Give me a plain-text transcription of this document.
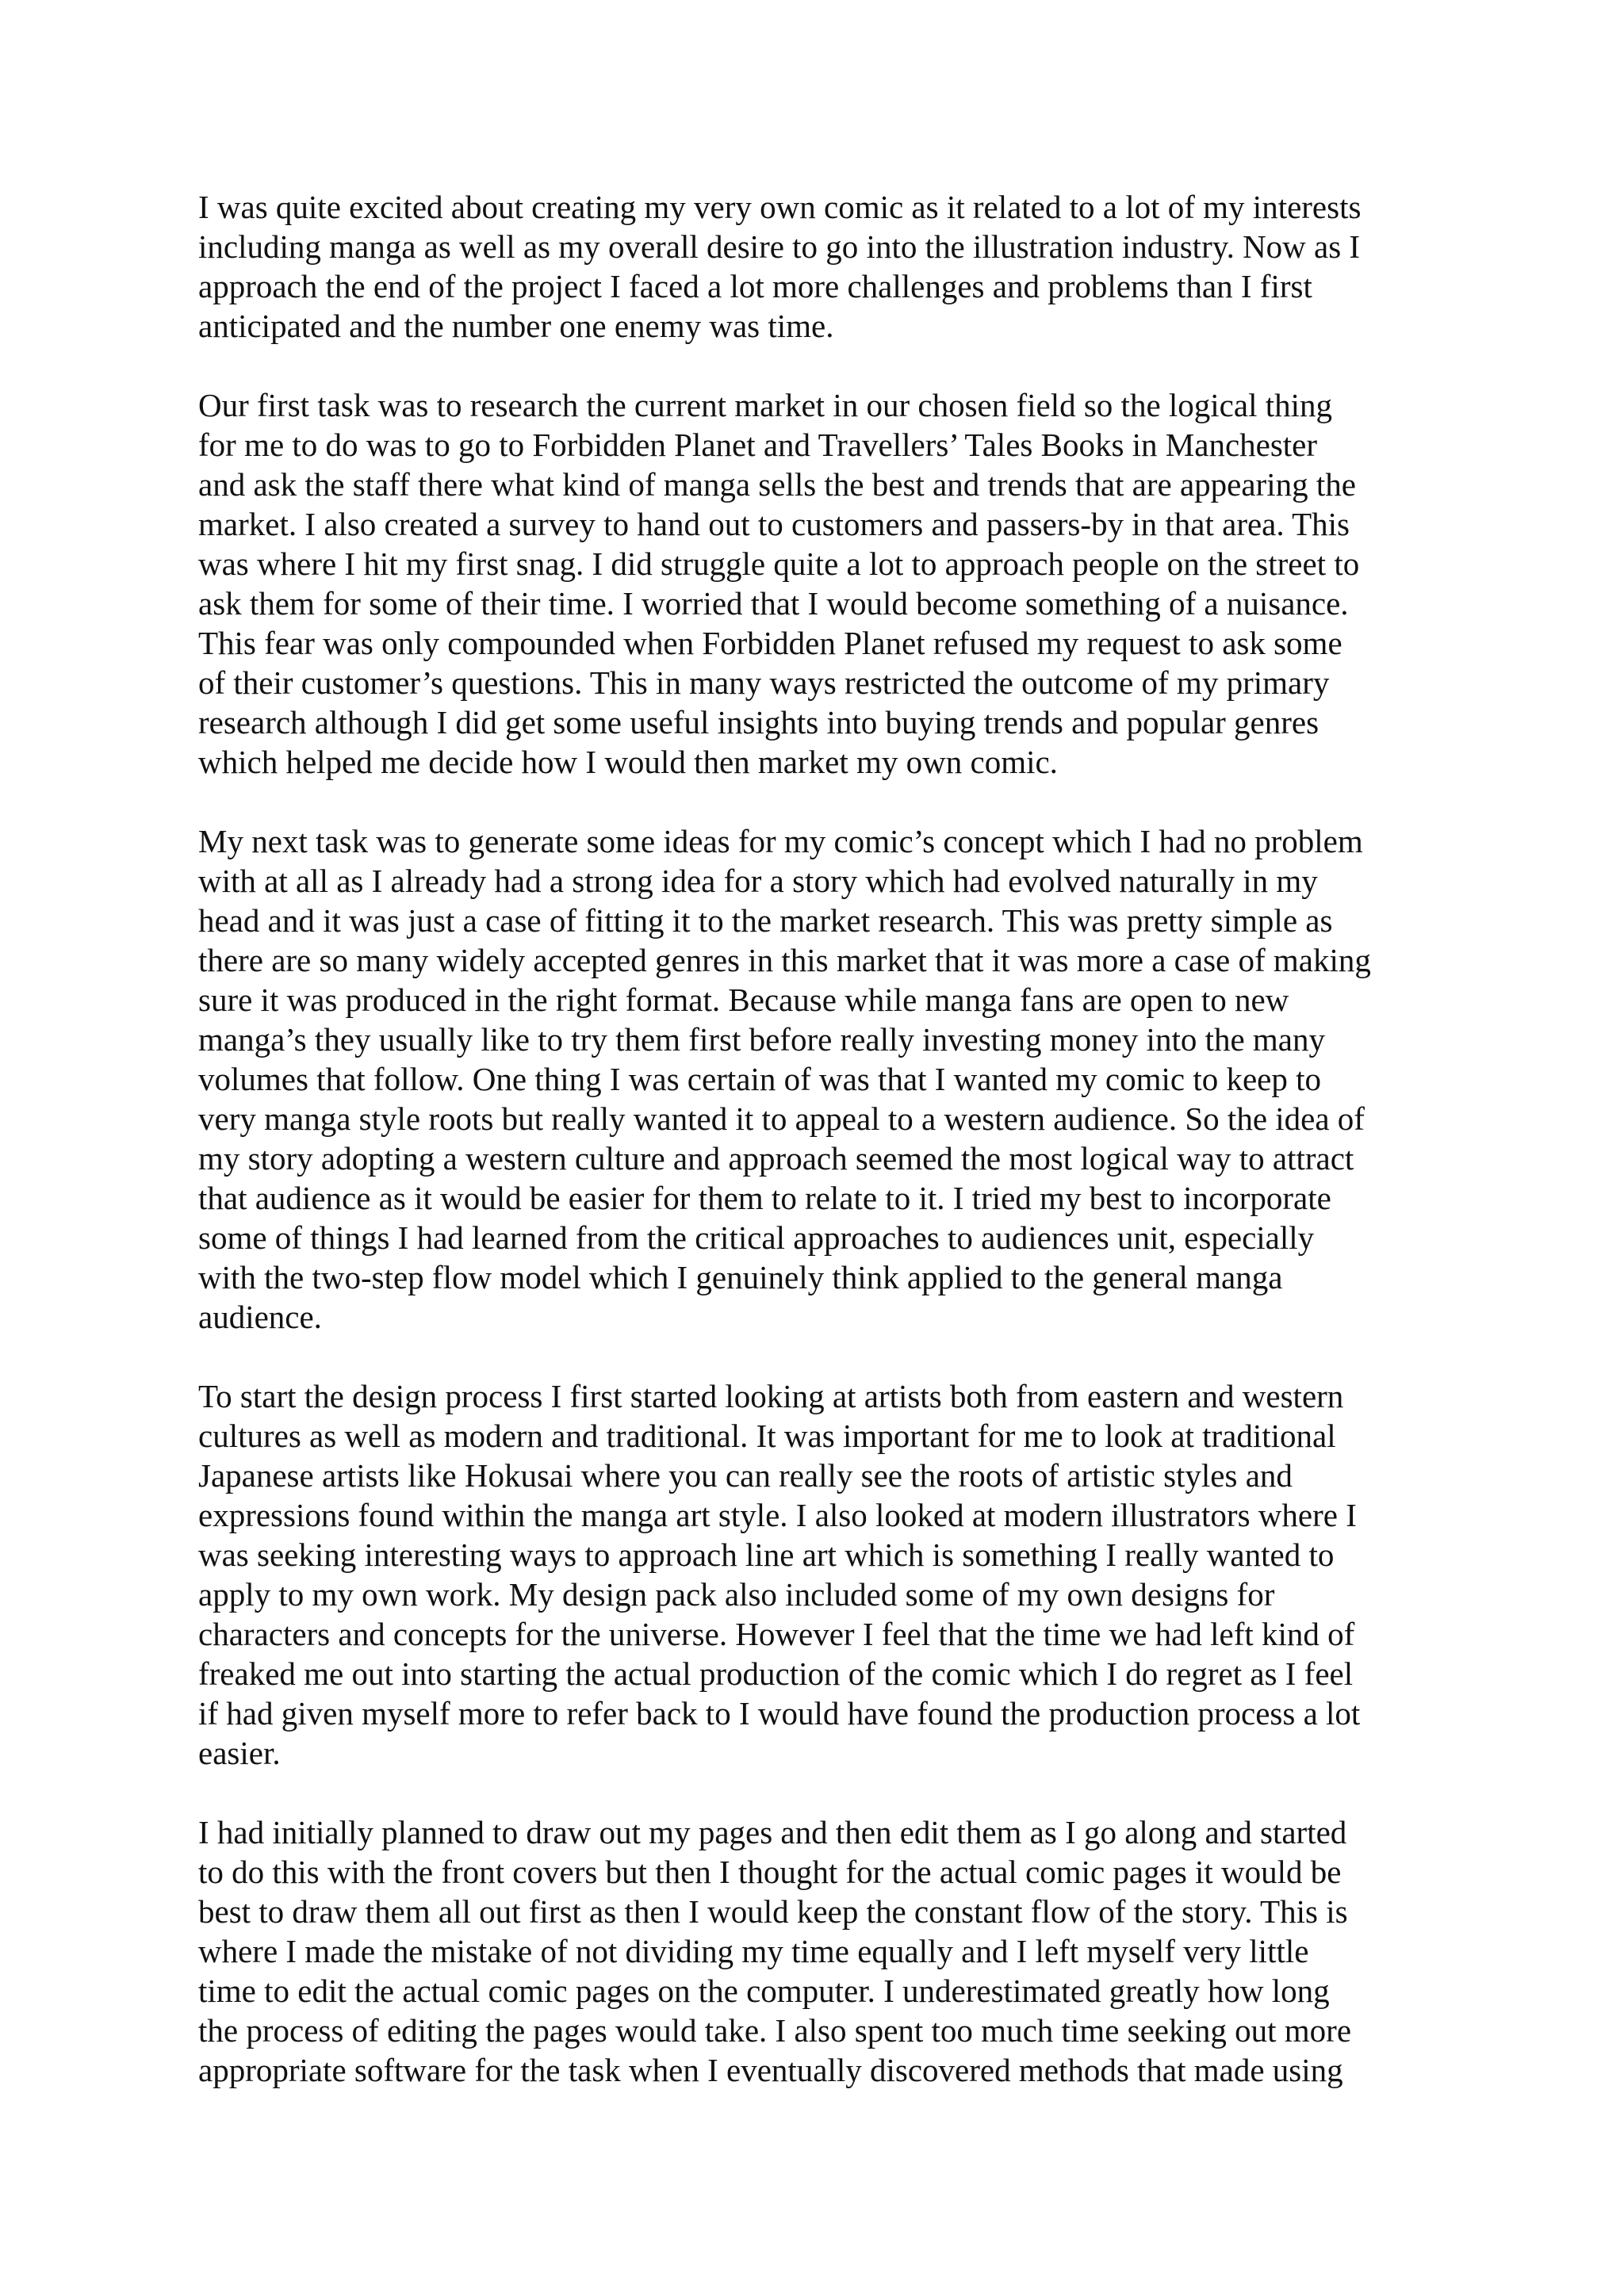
I was quite excited about creating my very own comic as it related to a lot of my interests
including manga as well as my overall desire to go into the illustration industry. Now as I
approach the end of the project I faced a lot more challenges and problems than I first
anticipated and the number one enemy was time.

Our first task was to research the current market in our chosen field so the logical thing
for me to do was to go to Forbidden Planet and Travellers’ Tales Books in Manchester
and ask the staff there what kind of manga sells the best and trends that are appearing the
market. I also created a survey to hand out to customers and passers-by in that area. This
was where I hit my first snag. I did struggle quite a lot to approach people on the street to
ask them for some of their time. I worried that I would become something of a nuisance.
This fear was only compounded when Forbidden Planet refused my request to ask some
of their customer’s questions. This in many ways restricted the outcome of my primary
research although I did get some useful insights into buying trends and popular genres
which helped me decide how I would then market my own comic.

My next task was to generate some ideas for my comic’s concept which I had no problem
with at all as I already had a strong idea for a story which had evolved naturally in my
head and it was just a case of fitting it to the market research. This was pretty simple as
there are so many widely accepted genres in this market that it was more a case of making
sure it was produced in the right format. Because while manga fans are open to new
manga’s they usually like to try them first before really investing money into the many
volumes that follow. One thing I was certain of was that I wanted my comic to keep to
very manga style roots but really wanted it to appeal to a western audience. So the idea of
my story adopting a western culture and approach seemed the most logical way to attract
that audience as it would be easier for them to relate to it. I tried my best to incorporate
some of things I had learned from the critical approaches to audiences unit, especially
with the two-step flow model which I genuinely think applied to the general manga
audience.

To start the design process I first started looking at artists both from eastern and western
cultures as well as modern and traditional. It was important for me to look at traditional
Japanese artists like Hokusai where you can really see the roots of artistic styles and
expressions found within the manga art style. I also looked at modern illustrators where I
was seeking interesting ways to approach line art which is something I really wanted to
apply to my own work. My design pack also included some of my own designs for
characters and concepts for the universe. However I feel that the time we had left kind of
freaked me out into starting the actual production of the comic which I do regret as I feel
if had given myself more to refer back to I would have found the production process a lot
easier.

I had initially planned to draw out my pages and then edit them as I go along and started
to do this with the front covers but then I thought for the actual comic pages it would be
best to draw them all out first as then I would keep the constant flow of the story. This is
where I made the mistake of not dividing my time equally and I left myself very little
time to edit the actual comic pages on the computer. I underestimated greatly how long
the process of editing the pages would take. I also spent too much time seeking out more
appropriate software for the task when I eventually discovered methods that made using
